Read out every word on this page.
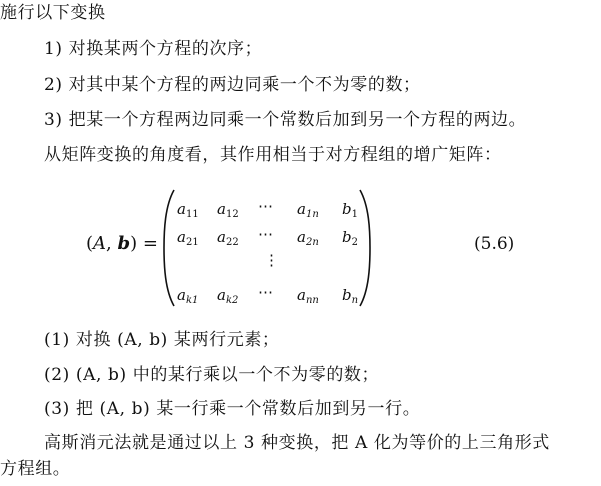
施行以下变换
1) 对换某两个方程的次序；
2) 对其中某个方程的两边同乘一个不为零的数；
3) 把某一个方程两边同乘一个常数后加到另一个方程的两边。
从矩阵变换的角度看，其作用相当于对方程组的增广矩阵：
(A, b) =
$a_{11}$ $a_{12}$ ⋯ $a_{1n}$ $b_1$
$a_{21}$ $a_{22}$ ⋯ $a_{2n}$ $b_2$
⋮
$a_{k1}$ $a_{k2}$ ⋯ $a_{nn}$ $b_n$
(5.6)
(1) 对换 (A, b) 某两行元素；
(2) (A, b) 中的某行乘以一个不为零的数；
(3) 把 (A, b) 某一行乘一个常数后加到另一行。
高斯消元法就是通过以上 3 种变换，把 A 化为等价的上三角形式
方程组。
